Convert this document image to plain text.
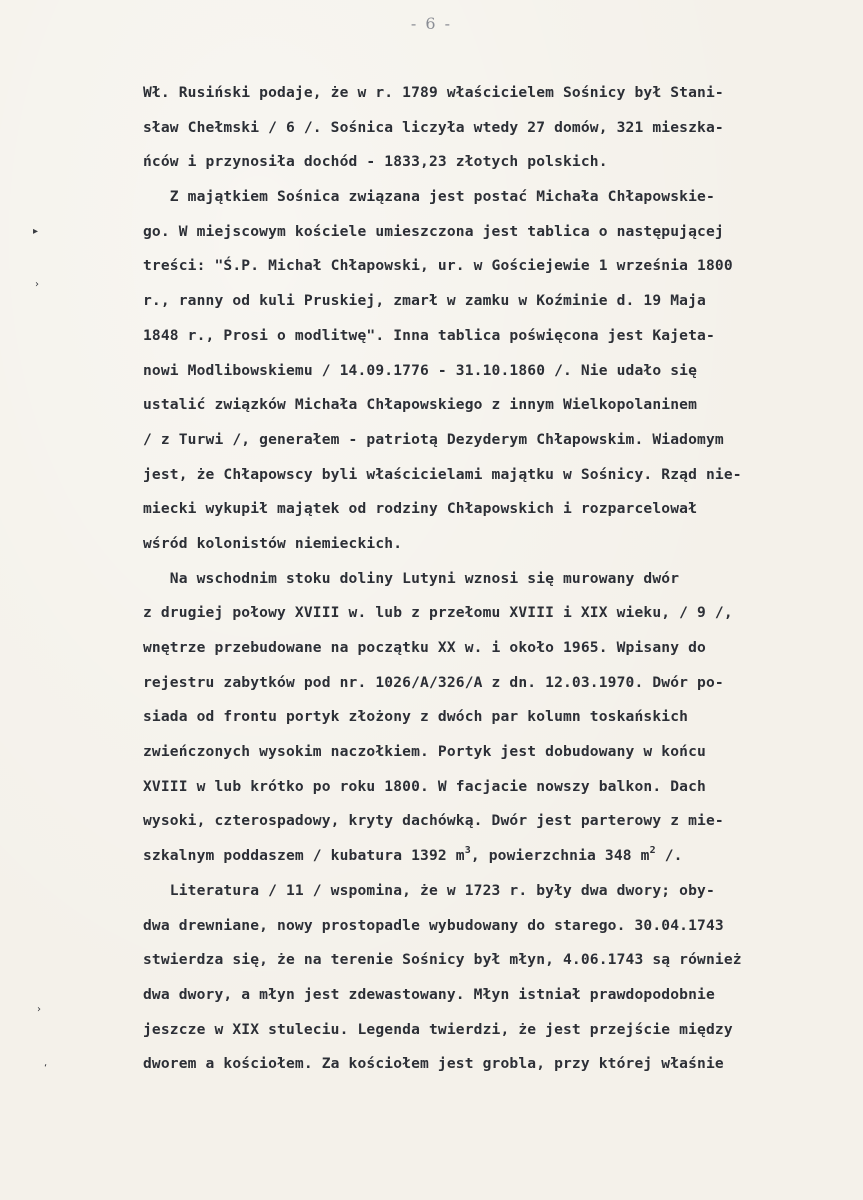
- 6 -
Wł. Rusiński podaje, że w r. 1789 właścicielem Sośnicy był Stani-
sław Chełmski / 6 /. Sośnica liczyła wtedy 27 domów, 321 mieszka-
ńców i przynosiła dochód - 1833,23 złotych polskich.
Z majątkiem Sośnica związana jest postać Michała Chłapowskie-
go. W miejscowym kościele umieszczona jest tablica o następującej
treści: "Ś.P. Michał Chłapowski, ur. w Gościejewie 1 września 1800
r., ranny od kuli Pruskiej, zmarł w zamku w Koźminie d. 19 Maja
1848 r., Prosi o modlitwę". Inna tablica poświęcona jest Kajeta-
nowi Modlibowskiemu / 14.09.1776 - 31.10.1860 /. Nie udało się
ustalić związków Michała Chłapowskiego z innym Wielkopolaninem
/ z Turwi /, generałem - patriotą Dezyderym Chłapowskim. Wiadomym
jest, że Chłapowscy byli właścicielami majątku w Sośnicy. Rząd nie-
miecki wykupił majątek od rodziny Chłapowskich i rozparcelował
wśród kolonistów niemieckich.
Na wschodnim stoku doliny Lutyni wznosi się murowany dwór
z drugiej połowy XVIII w. lub z przełomu XVIII i XIX wieku, / 9 /,
wnętrze przebudowane na początku XX w. i około 1965. Wpisany do
rejestru zabytków pod nr. 1026/A/326/A z dn. 12.03.1970. Dwór po-
siada od frontu portyk złożony z dwóch par kolumn toskańskich
zwieńczonych wysokim naczołkiem. Portyk jest dobudowany w końcu
XVIII w lub krótko po roku 1800. W facjacie nowszy balkon. Dach
wysoki, czterospadowy, kryty dachówką. Dwór jest parterowy z mie-
szkalnym poddaszem / kubatura 1392 $m^3$, powierzchnia 348 $m^2$ /.
Literatura / 11 / wspomina, że w 1723 r. były dwa dwory; oby-
dwa drewniane, nowy prostopadle wybudowany do starego. 30.04.1743
stwierdza się, że na terenie Sośnicy był młyn, 4.06.1743 są również
dwa dwory, a młyn jest zdewastowany. Młyn istniał prawdopodobnie
jeszcze w XIX stuleciu. Legenda twierdzi, że jest przejście między
dworem a kościołem. Za kościołem jest grobla, przy której właśnie
▸
›
›
‘
